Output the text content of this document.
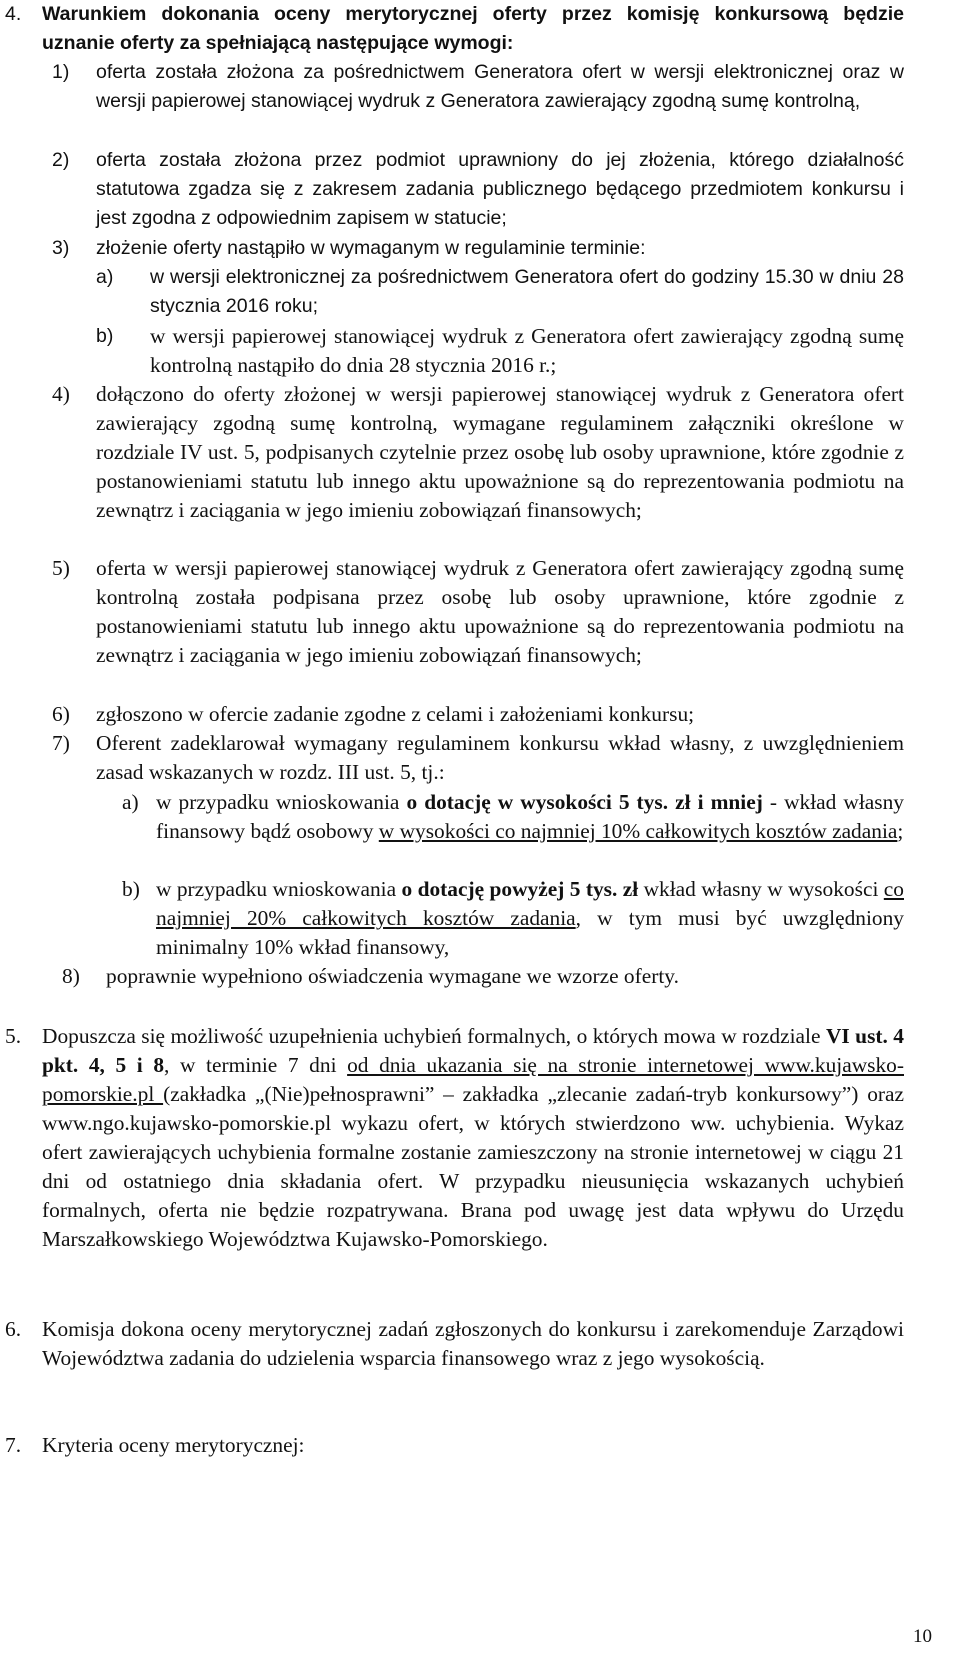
4. Warunkiem dokonania oceny merytorycznej oferty przez komisję konkursową będzie uznanie oferty za spełniającą następujące wymogi:
1) oferta została złożona za pośrednictwem Generatora ofert w wersji elektronicznej oraz w wersji papierowej stanowiącej wydruk z Generatora zawierający zgodną sumę kontrolną,
2) oferta została złożona przez podmiot uprawniony do jej złożenia, którego działalność statutowa zgadza się z zakresem zadania publicznego będącego przedmiotem konkursu i jest zgodna z odpowiednim zapisem w statucie;
3) złożenie oferty nastąpiło w wymaganym w regulaminie terminie:
a) w wersji elektronicznej za pośrednictwem Generatora ofert do godziny 15.30 w dniu 28 stycznia 2016 roku;
b) w wersji papierowej stanowiącej wydruk z Generatora ofert zawierający zgodną sumę kontrolną nastąpiło do dnia 28 stycznia 2016 r.;
4) dołączono do oferty złożonej w wersji papierowej stanowiącej wydruk z Generatora ofert zawierający zgodną sumę kontrolną, wymagane regulaminem załączniki określone w rozdziale IV ust. 5, podpisanych czytelnie przez osobę lub osoby uprawnione, które zgodnie z postanowieniami statutu lub innego aktu upoważnione są do reprezentowania podmiotu na zewnątrz i zaciągania w jego imieniu zobowiązań finansowych;
5) oferta w wersji papierowej stanowiącej wydruk z Generatora ofert zawierający zgodną sumę kontrolną została podpisana przez osobę lub osoby uprawnione, które zgodnie z postanowieniami statutu lub innego aktu upoważnione są do reprezentowania podmiotu na zewnątrz i zaciągania w jego imieniu zobowiązań finansowych;
6) zgłoszono w ofercie zadanie zgodne z celami i założeniami konkursu;
7) Oferent zadeklarował wymagany regulaminem konkursu wkład własny, z uwzględnieniem zasad wskazanych w rozdz. III ust. 5, tj.:
a) w przypadku wnioskowania o dotację w wysokości 5 tys. zł i mniej - wkład własny finansowy bądź osobowy w wysokości co najmniej 10% całkowitych kosztów zadania;
b) w przypadku wnioskowania o dotację powyżej 5 tys. zł wkład własny w wysokości co najmniej 20% całkowitych kosztów zadania, w tym musi być uwzględniony minimalny 10% wkład finansowy,
8) poprawnie wypełniono oświadczenia wymagane we wzorze oferty.
5. Dopuszcza się możliwość uzupełnienia uchybień formalnych, o których mowa w rozdziale VI ust. 4 pkt. 4, 5 i 8, w terminie 7 dni od dnia ukazania się na stronie internetowej www.kujawsko-pomorskie.pl (zakładka „(Nie)pełnosprawni” – zakładka „zlecanie zadań-tryb konkursowy”) oraz www.ngo.kujawsko-pomorskie.pl wykazu ofert, w których stwierdzono ww. uchybienia. Wykaz ofert zawierających uchybienia formalne zostanie zamieszczony na stronie internetowej w ciągu 21 dni od ostatniego dnia składania ofert. W przypadku nieusunięcia wskazanych uchybień formalnych, oferta nie będzie rozpatrywana. Brana pod uwagę jest data wpływu do Urzędu Marszałkowskiego Województwa Kujawsko-Pomorskiego.
6. Komisja dokona oceny merytorycznej zadań zgłoszonych do konkursu i zarekomenduje Zarządowi Województwa zadania do udzielenia wsparcia finansowego wraz z jego wysokością.
7. Kryteria oceny merytorycznej:
10
